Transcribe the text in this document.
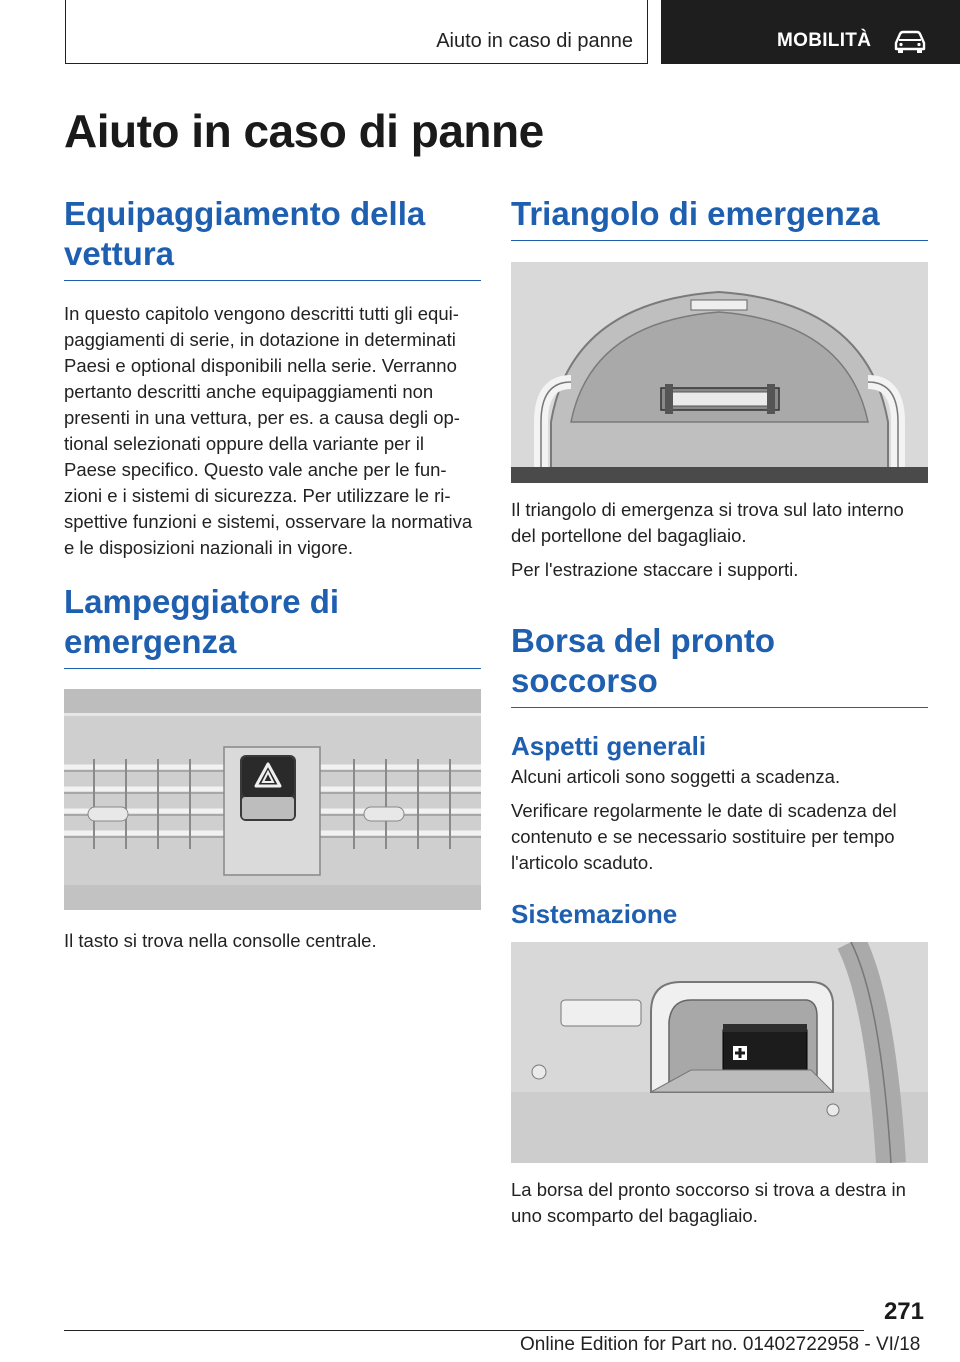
Aiuto in caso di panne	MOBILITÀ
Aiuto in caso di panne
Equipaggiamento della
vettura

In questo capitolo vengono descritti tutti gli equi‐
paggiamenti di serie, in dotazione in determinati
Paesi e optional disponibili nella serie. Verranno
pertanto descritti anche equipaggiamenti non
presenti in una vettura, per es. a causa degli op‐
tional selezionati oppure della variante per il
Paese specifico. Questo vale anche per le fun‐
zioni e i sistemi di sicurezza. Per utilizzare le ri‐
spettive funzioni e sistemi, osservare la normativa
e le disposizioni nazionali in vigore.

Lampeggiatore di
emergenza

Il tasto si trova nella consolle centrale.

Triangolo di emergenza

Il triangolo di emergenza si trova sul lato interno
del portellone del bagagliaio.

Per l'estrazione staccare i supporti.

Borsa del pronto soccorso
Aspetti generali

Alcuni articoli sono soggetti a scadenza.

Verificare regolarmente le date di scadenza del
contenuto e se necessario sostituire per tempo
l'articolo scaduto.

Sistemazione

La borsa del pronto soccorso si trova a destra in
uno scomparto del bagagliaio.

271
Online Edition for Part no. 01402722958 - VI/18
